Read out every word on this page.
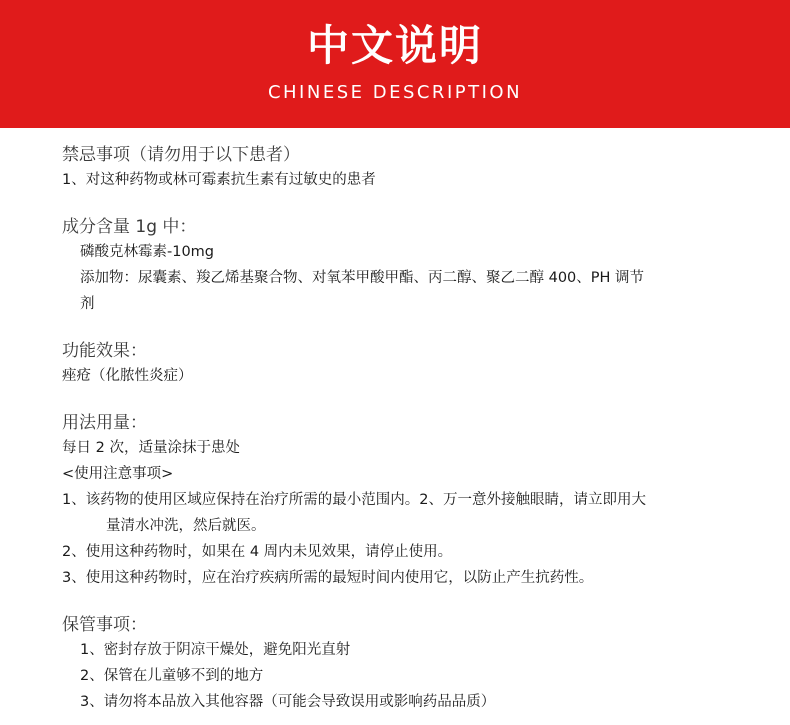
中文说明
CHINESE DESCRIPTION
禁忌事项（请勿用于以下患者）
1、对这种药物或林可霉素抗生素有过敏史的患者
成分含量 1g 中：
磷酸克林霉素-10mg
添加物：尿囊素、羧乙烯基聚合物、对氧苯甲酸甲酯、丙二醇、聚乙二醇 400、PH 调节
剂
功能效果：
痤疮（化脓性炎症）
用法用量：
每日 2 次，适量涂抹于患处
<使用注意事项>
1、该药物的使用区域应保持在治疗所需的最小范围内。2、万一意外接触眼睛，请立即用大
量清水冲洗，然后就医。
2、使用这种药物时，如果在 4 周内未见效果，请停止使用。
3、使用这种药物时，应在治疗疾病所需的最短时间内使用它，以防止产生抗药性。
保管事项：
1、密封存放于阴凉干燥处，避免阳光直射
2、保管在儿童够不到的地方
3、请勿将本品放入其他容器（可能会导致误用或影响药品品质）
